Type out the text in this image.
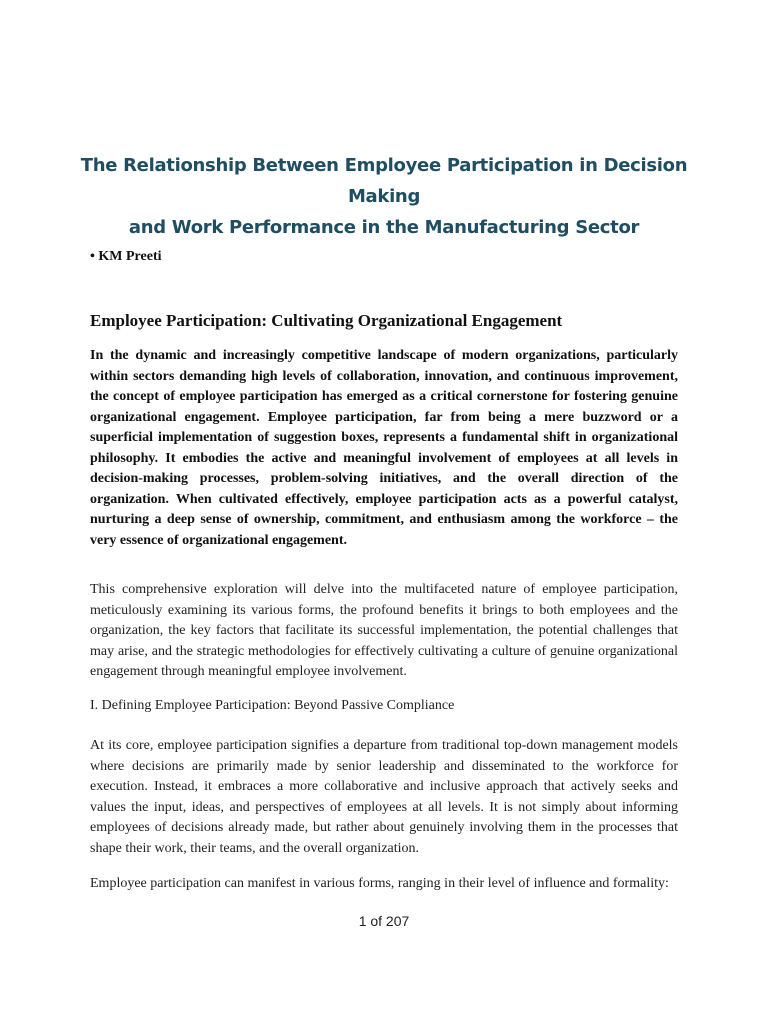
The Relationship Between Employee Participation in Decision Making
and Work Performance in the Manufacturing Sector
• KM Preeti
Employee Participation: Cultivating Organizational Engagement

In the dynamic and increasingly competitive landscape of modern organizations, particularly within sectors demanding high levels of collaboration, innovation, and continuous improvement, the concept of employee participation has emerged as a critical cornerstone for fostering genuine organizational engagement. Employee participation, far from being a mere buzzword or a superficial implementation of suggestion boxes, represents a fundamental shift in organizational philosophy. It embodies the active and meaningful involvement of employees at all levels in decision-making processes, problem-solving initiatives, and the overall direction of the organization. When cultivated effectively, employee participation acts as a powerful catalyst, nurturing a deep sense of ownership, commitment, and enthusiasm among the workforce – the very essence of organizational engagement.

This comprehensive exploration will delve into the multifaceted nature of employee participation, meticulously examining its various forms, the profound benefits it brings to both employees and the organization, the key factors that facilitate its successful implementation, the potential challenges that may arise, and the strategic methodologies for effectively cultivating a culture of genuine organizational engagement through meaningful employee involvement.

I. Defining Employee Participation: Beyond Passive Compliance

At its core, employee participation signifies a departure from traditional top-down management models where decisions are primarily made by senior leadership and disseminated to the workforce for execution. Instead, it embraces a more collaborative and inclusive approach that actively seeks and values the input, ideas, and perspectives of employees at all levels. It is not simply about informing employees of decisions already made, but rather about genuinely involving them in the processes that shape their work, their teams, and the overall organization.

Employee participation can manifest in various forms, ranging in their level of influence and formality:

1 of 207
